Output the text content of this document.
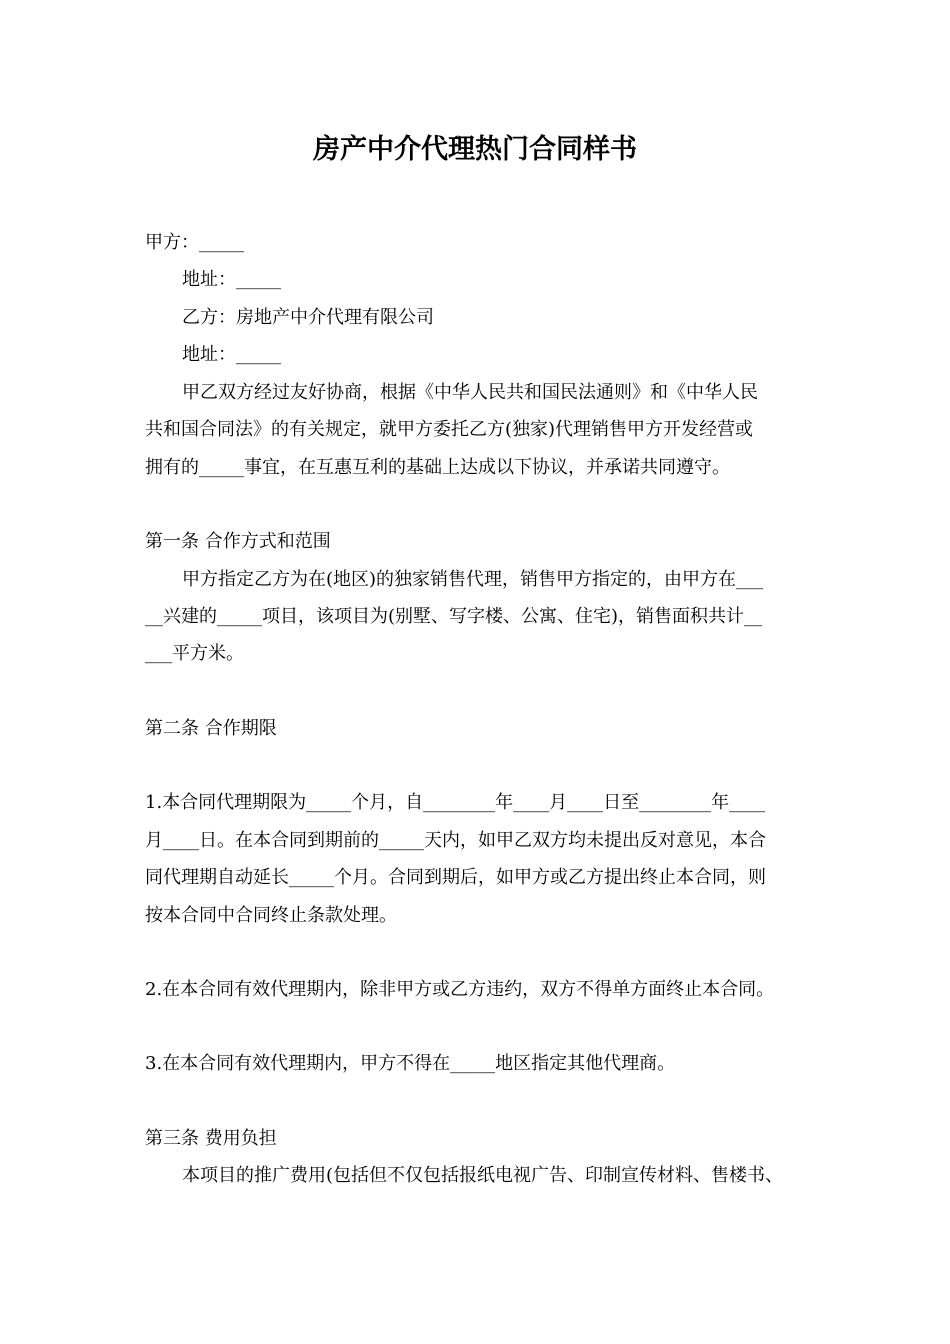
房产中介代理热门合同样书

甲方：_____

地址：_____

乙方：房地产中介代理有限公司

地址：_____

甲乙双方经过友好协商，根据《中华人民共和国民法通则》和《中华人民

共和国合同法》的有关规定，就甲方委托乙方(独家)代理销售甲方开发经营或

拥有的_____事宜，在互惠互利的基础上达成以下协议，并承诺共同遵守。

第一条 合作方式和范围

甲方指定乙方为在(地区)的独家销售代理，销售甲方指定的，由甲方在___

__兴建的_____项目，该项目为(别墅、写字楼、公寓、住宅)，销售面积共计__

___平方米。

第二条 合作期限

1.本合同代理期限为_____个月，自________年____月____日至________年____

月____日。在本合同到期前的_____天内，如甲乙双方均未提出反对意见，本合

同代理期自动延长_____个月。合同到期后，如甲方或乙方提出终止本合同，则

按本合同中合同终止条款处理。

2.在本合同有效代理期内，除非甲方或乙方违约，双方不得单方面终止本合同。

3.在本合同有效代理期内，甲方不得在_____地区指定其他代理商。

第三条 费用负担

本项目的推广费用(包括但不仅包括报纸电视广告、印制宣传材料、售楼书、
